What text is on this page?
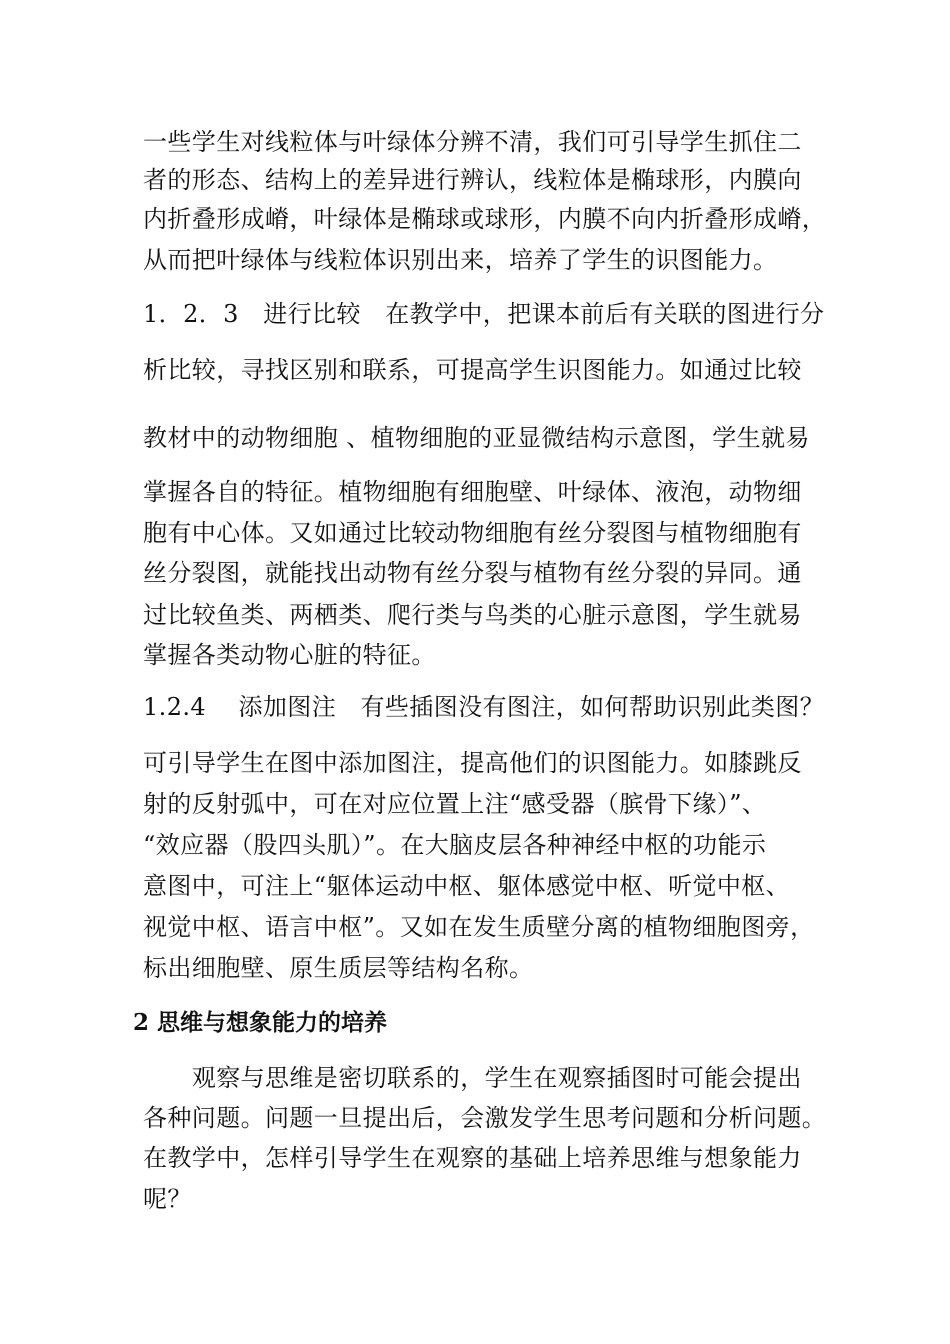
一些学生对线粒体与叶绿体分辨不清，我们可引导学生抓住二
者的形态、结构上的差异进行辨认，线粒体是椭球形，内膜向
内折叠形成嵴，叶绿体是椭球或球形，内膜不向内折叠形成嵴，
从而把叶绿体与线粒体识别出来，培养了学生的识图能力。
1．2．3　进行比较　在教学中，把课本前后有关联的图进行分
析比较，寻找区别和联系，可提高学生识图能力。如通过比较
教材中的动物细胞 、植物细胞的亚显微结构示意图，学生就易
掌握各自的特征。植物细胞有细胞壁、叶绿体、液泡，动物细
胞有中心体。又如通过比较动物细胞有丝分裂图与植物细胞有
丝分裂图，就能找出动物有丝分裂与植物有丝分裂的异同。通
过比较鱼类、两栖类、爬行类与鸟类的心脏示意图，学生就易
掌握各类动物心脏的特征。
1.2.4　 添加图注　有些插图没有图注，如何帮助识别此类图？
可引导学生在图中添加图注，提高他们的识图能力。如膝跳反
射的反射弧中，可在对应位置上注“感受器（膑骨下缘）”、
“效应器（股四头肌）”。在大脑皮层各种神经中枢的功能示
意图中，可注上“躯体运动中枢、躯体感觉中枢、听觉中枢、
视觉中枢、语言中枢”。又如在发生质壁分离的植物细胞图旁，
标出细胞壁、原生质层等结构名称。
2 思维与想象能力的培养
　　观察与思维是密切联系的，学生在观察插图时可能会提出
各种问题。问题一旦提出后，会激发学生思考问题和分析问题。
在教学中，怎样引导学生在观察的基础上培养思维与想象能力
呢？
